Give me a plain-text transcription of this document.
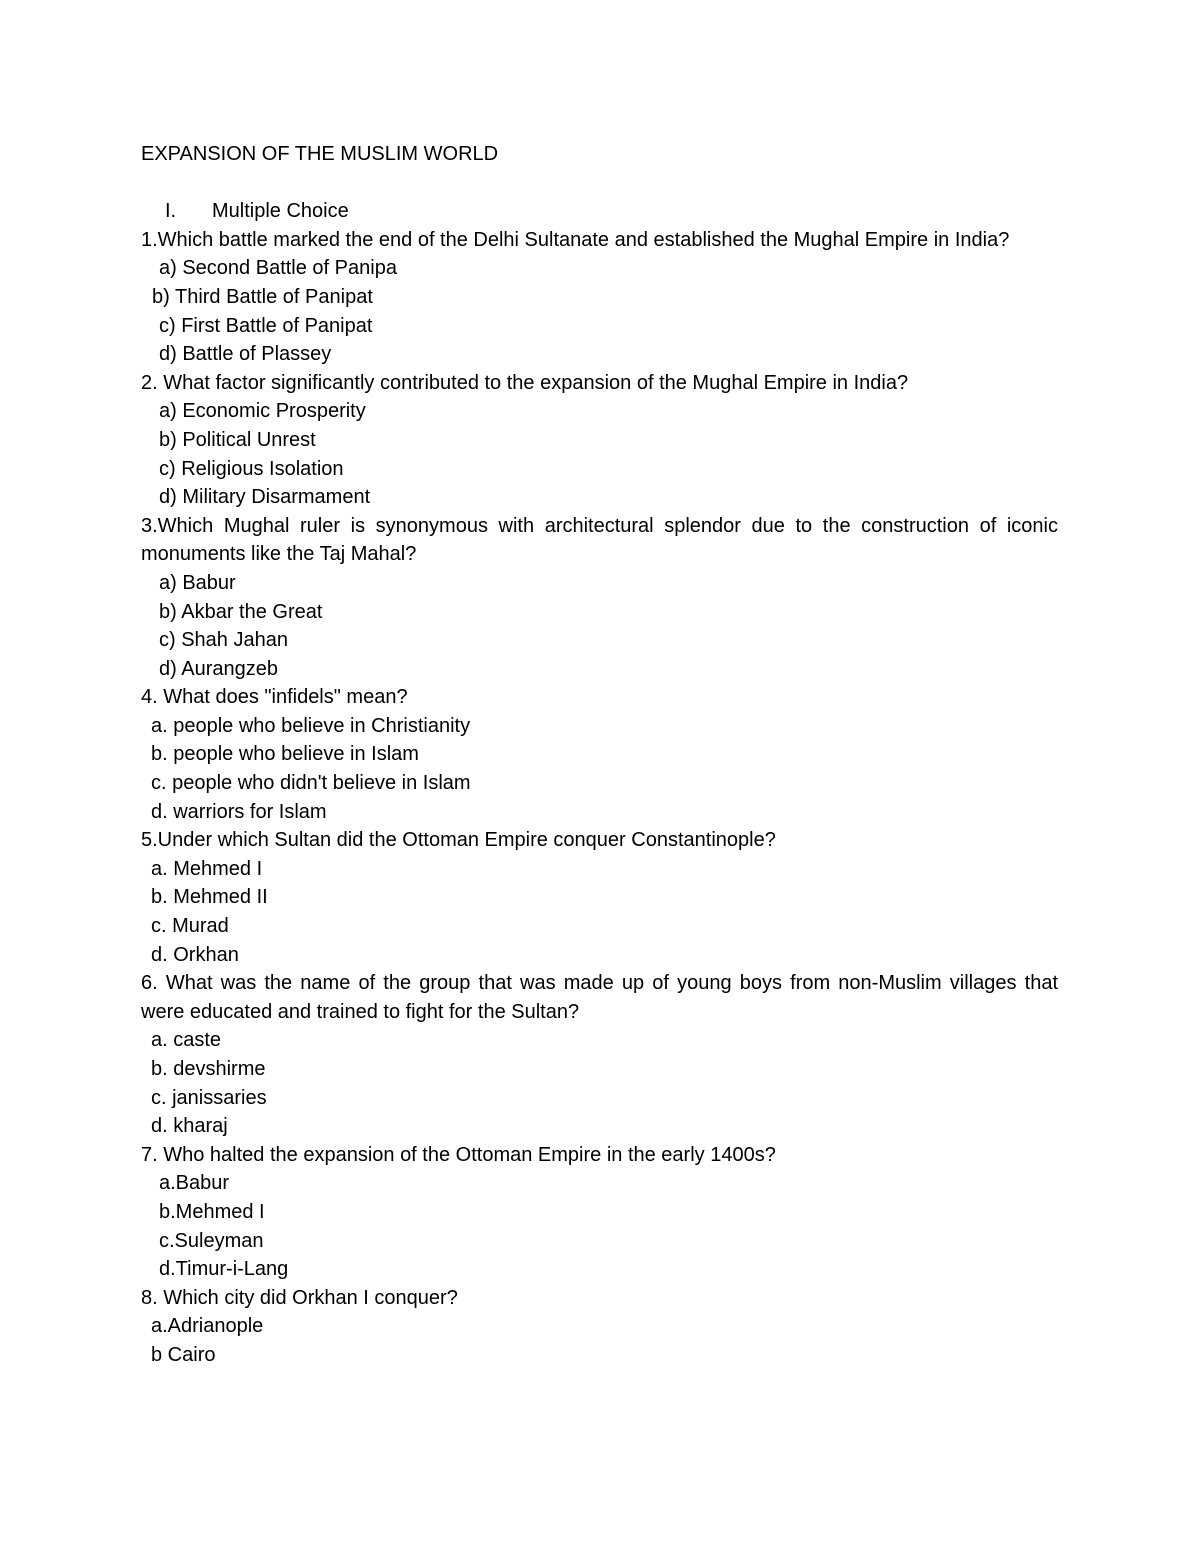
EXPANSION OF THE MUSLIM WORLD
I. Multiple Choice
1.Which battle marked the end of the Delhi Sultanate and established the Mughal Empire in India?
a) Second Battle of Panipa
b) Third Battle of Panipat
c) First Battle of Panipat
d) Battle of Plassey
2. What factor significantly contributed to the expansion of the Mughal Empire in India?
a) Economic Prosperity
b) Political Unrest
c) Religious Isolation
d) Military Disarmament
3.Which Mughal ruler is synonymous with architectural splendor due to the construction of iconic monuments like the Taj Mahal?
a) Babur
b) Akbar the Great
c) Shah Jahan
d) Aurangzeb
4. What does "infidels" mean?
a. people who believe in Christianity
b. people who believe in Islam
c. people who didn't believe in Islam
d. warriors for Islam
5.Under which Sultan did the Ottoman Empire conquer Constantinople?
a. Mehmed I
b. Mehmed II
c. Murad
d. Orkhan
6. What was the name of the group that was made up of young boys from non-Muslim villages that were educated and trained to fight for the Sultan?
a. caste
b. devshirme
c. janissaries
d. kharaj
7. Who halted the expansion of the Ottoman Empire in the early 1400s?
a.Babur
b.Mehmed I
c.Suleyman
d.Timur-i-Lang
8. Which city did Orkhan I conquer?
a.Adrianople
b Cairo
